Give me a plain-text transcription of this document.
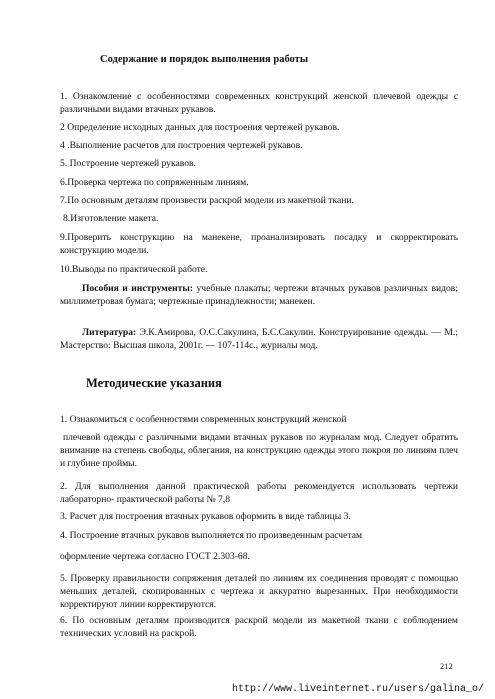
Содержание и порядок выполнения работы
1. Ознакомление с особенностями современных конструкций женской плечевой одежды с различными видами втачных рукавов.
2 Определение исходных данных для построения чертежей рукавов.
4 .Выполнение расчетов для построения чертежей рукавов.
5. Построение чертежей рукавов.
6.Проверка чертежа по сопряженным линиям.
7.По основным деталям произвести раскрой модели из макетной ткани.
8.Изготовление макета.
9.Проверить конструкцию на манекене, проанализировать посадку и скорректировать конструкцию модели.
10.Выводы по практической работе.
Пособия и инструменты: учебные плакаты; чертежи втачных рукавов различных видов; миллиметровая бумага; чертежные принадлежности; манекен.
Литература: Э.К.Амирова, О.С.Сакулина, Б.С.Сакулин. Конструирование одежды. — М.; Мастерство: Высшая школа, 2001г. — 107-114с., журналы мод.
Методические указания
1. Ознакомиться с особенностями современных конструкций женской
плечевой одежды с различными видами втачных рукавов по журналам мод. Следует обратить внимание на степень свободы, облегания, на конструкцию одежды этого покроя по линиям плеч и глубине проймы.
2. Для выполнения данной практической работы рекомендуется использовать чертежи лабораторно- практической работы № 7,8
3. Расчет для построения втачных рукавов оформить в виде таблицы 3.
4. Построение втачных рукавов выполняется по произведенным расчетам
оформление чертежа согласно ГОСТ 2.303-68.
5. Проверку правильности сопряжения деталей по линиям их соединения проводят с помощью меньших деталей, скопированных с чертежа и аккуратно вырезанных. При необходимости корректируют линии корректируются.
6. По основным деталям производится раскрой модели из макетной ткани с соблюдением технических условий на раскрой.
212
http://www.liveinternet.ru/users/galina_o/
